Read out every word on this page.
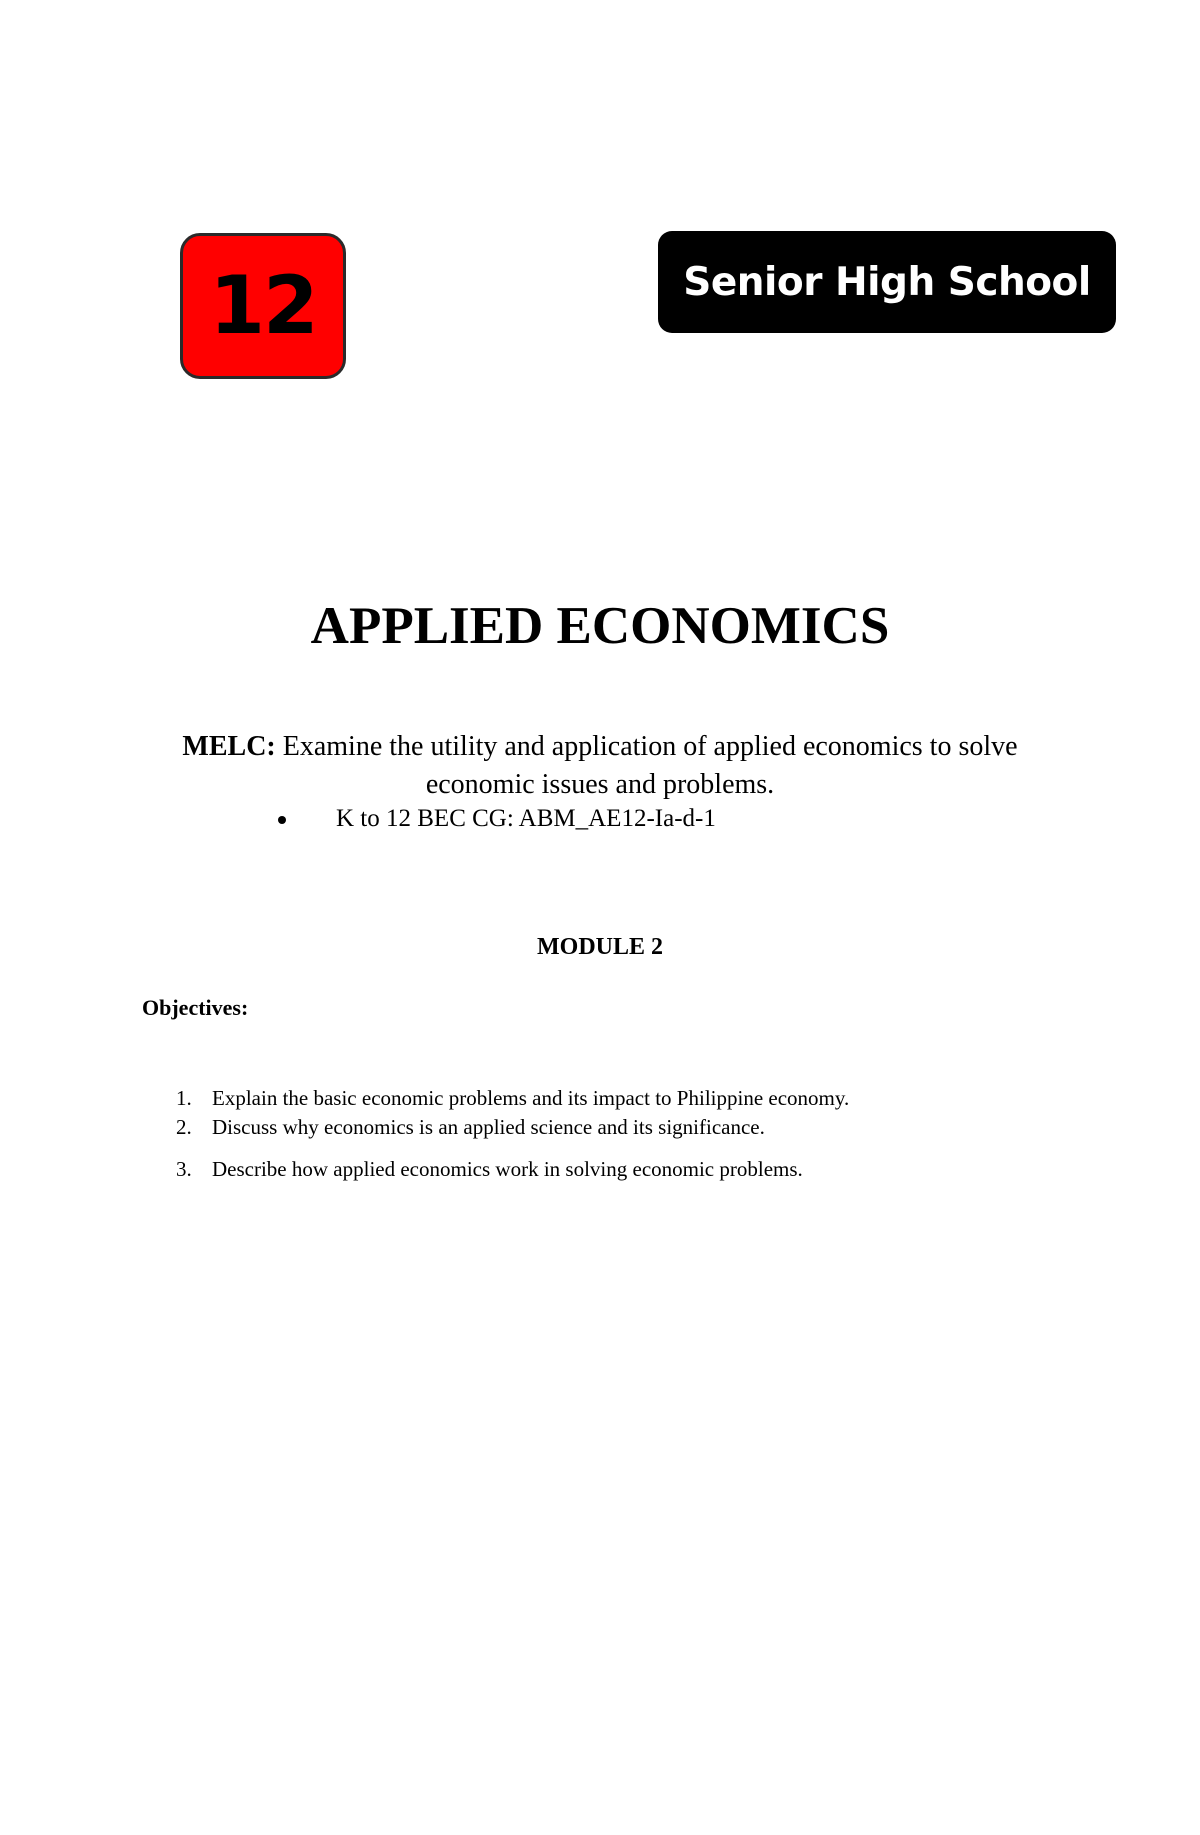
12	Senior High School
APPLIED ECONOMICS
MELC: Examine the utility and application of applied economics to solve economic issues and problems.
K to 12 BEC CG: ABM_AE12-Ia-d-1
MODULE 2
Objectives:
1. Explain the basic economic problems and its impact to Philippine economy.
2. Discuss why economics is an applied science and its significance.
3. Describe how applied economics work in solving economic problems.
